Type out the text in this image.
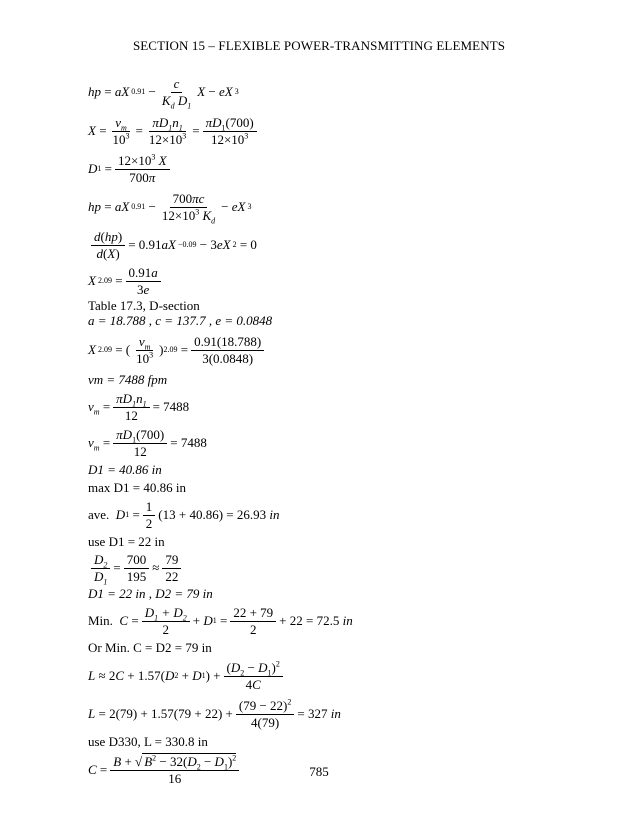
SECTION 15 – FLEXIBLE POWER-TRANSMITTING ELEMENTS
hp = aX $0.91 - \frac{c}{K_d D_1}$ X − eX 3
$X = \frac{v_m}{10^3} = \frac{\pi D_1n_1}{12\times 10^3} = \frac{\pi D_1(700)}{12\times 10^3}$
D $1 = \frac{12\times 10^3 X}{700\pi}$
hp = aX $0.91 - \frac{700\pi c}{12\times 10^3 K_d}$ − eX 3
$\frac{d(hp)}{d(X)} = 0.91$ aX −0.09 − 3 eX 2 = 0
X $2.09 = \frac{0.91a}{3e}$
Table 17.3, D-section
a = 18.788 , c = 137.7 , e = 0.0848
X 2.09 = ( $\frac{v_m}{10^3}$ ) $2.09 = \frac{0.91(18.788)}{3(0.0848)}$
vm = 7488 fpm
$v_m = \frac{\pi D_1n_1}{12} = 7488$
$v_m = \frac{\pi D_1(700)}{12} = 7488$
D1 = 40.86 in
max D1 = 40.86 in
ave. D $1 = \frac{1}{2} (13 + 40.86) = 26.93$ in
use D1 = 22 in
$\frac{D_2}{D_1} = \frac{700}{195} \approx \frac{79}{22}$
D1 = 22 in , D2 = 79 in
Min. $C = \frac{D_1 + D_2}{2} + D$ $1 = \frac{22 + 79}{2} + 22 = 72.5$ in
Or Min. C = D2 = 79 in
L ≈ 2 C + 1.57( D 2 + D 1 ) + $\frac{(D_2 - D_1)^2}{4C}$
$L = 2(79) + 1.57(79 + 22) + \frac{(79 - 22)^2}{4(79)} = 327$ in
use D330, L = 330.8 in
$C = \frac{B + √ B^2 - 32(D_2 - D_1)^2}{16}$	785
